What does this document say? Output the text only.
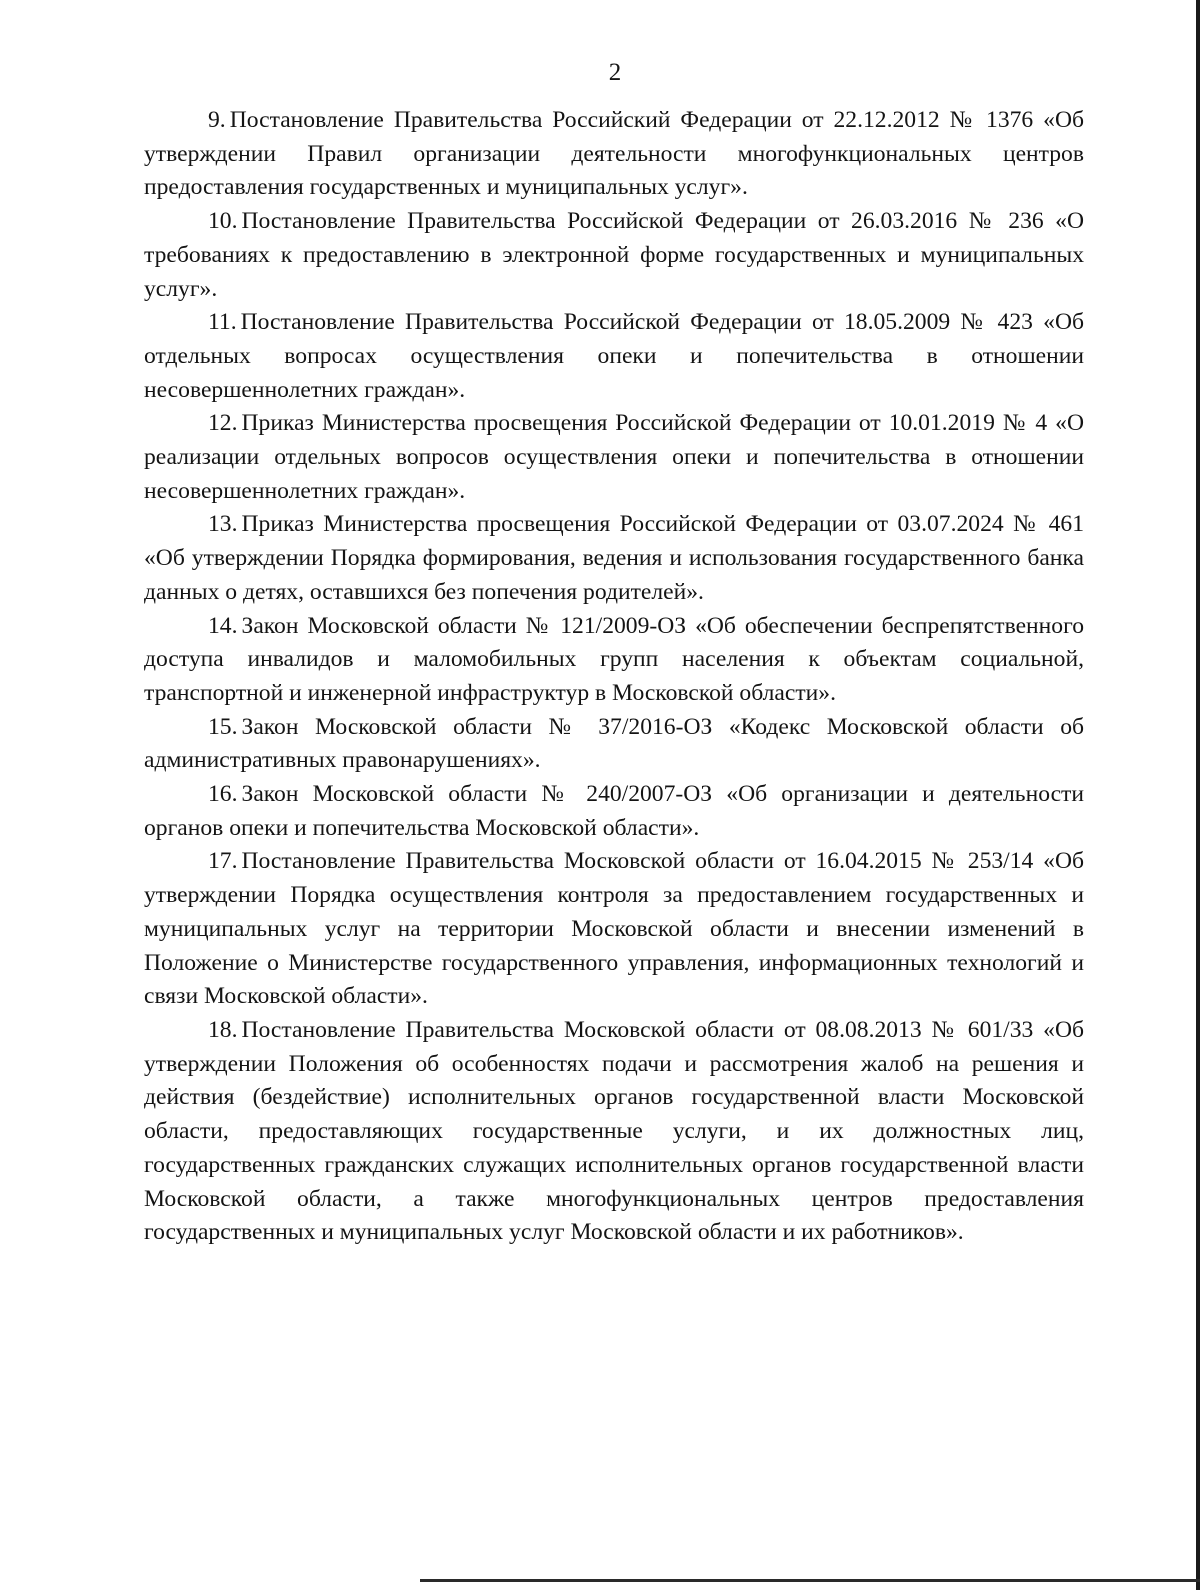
2

9. Постановление Правительства Российский Федерации от 22.12.2012 № 1376 «Об утверждении Правил организации деятельности многофункциональных центров предоставления государственных и муниципальных услуг».

10. Постановление Правительства Российской Федерации от 26.03.2016 № 236 «О требованиях к предоставлению в электронной форме государственных и муниципальных услуг».

11. Постановление Правительства Российской Федерации от 18.05.2009 № 423 «Об отдельных вопросах осуществления опеки и попечительства в отношении несовершеннолетних граждан».

12. Приказ Министерства просвещения Российской Федерации от 10.01.2019 № 4 «О реализации отдельных вопросов осуществления опеки и попечительства в отношении несовершеннолетних граждан».

13. Приказ Министерства просвещения Российской Федерации от 03.07.2024 № 461 «Об утверждении Порядка формирования, ведения и использования государственного банка данных о детях, оставшихся без попечения родителей».

14. Закон Московской области № 121/2009-ОЗ «Об обеспечении беспрепятственного доступа инвалидов и маломобильных групп населения к объектам социальной, транспортной и инженерной инфраструктур в Московской области».

15. Закон Московской области № 37/2016-ОЗ «Кодекс Московской области об административных правонарушениях».

16. Закон Московской области № 240/2007-ОЗ «Об организации и деятельности органов опеки и попечительства Московской области».

17. Постановление Правительства Московской области от 16.04.2015 № 253/14 «Об утверждении Порядка осуществления контроля за предоставлением государственных и муниципальных услуг на территории Московской области и внесении изменений в Положение о Министерстве государственного управления, информационных технологий и связи Московской области».

18. Постановление Правительства Московской области от 08.08.2013 № 601/33 «Об утверждении Положения об особенностях подачи и рассмотрения жалоб на решения и действия (бездействие) исполнительных органов государственной власти Московской области, предоставляющих государственные услуги, и их должностных лиц, государственных гражданских служащих исполнительных органов государственной власти Московской области, а также многофункциональных центров предоставления государственных и муниципальных услуг Московской области и их работников».
